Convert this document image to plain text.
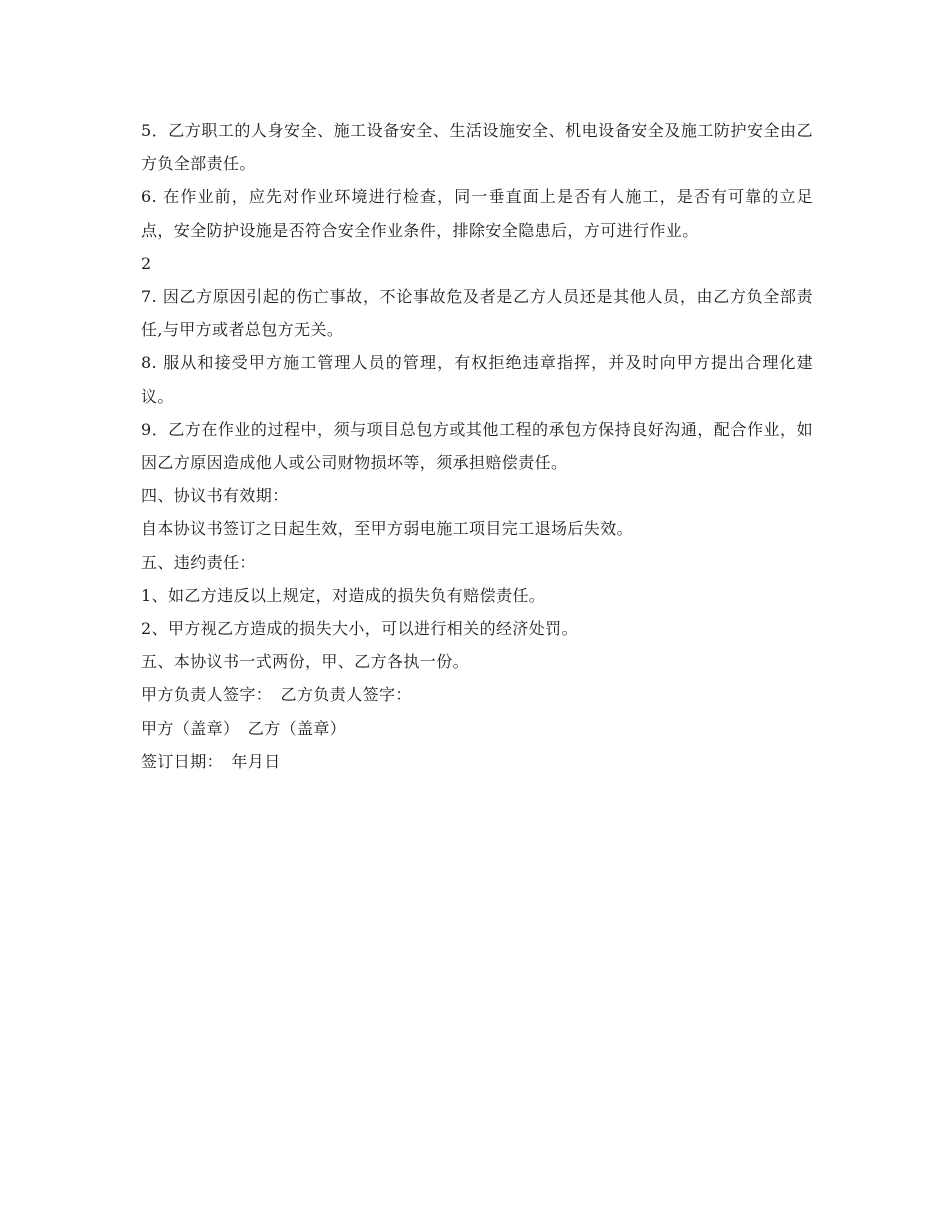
5．乙方职工的人身安全、施工设备安全、生活设施安全、机电设备安全及施工防护安全由乙方负全部责任。

6. 在作业前，应先对作业环境进行检查，同一垂直面上是否有人施工，是否有可靠的立足点，安全防护设施是否符合安全作业条件，排除安全隐患后，方可进行作业。

2

7. 因乙方原因引起的伤亡事故，不论事故危及者是乙方人员还是其他人员，由乙方负全部责任,与甲方或者总包方无关。

8. 服从和接受甲方施工管理人员的管理，有权拒绝违章指挥，并及时向甲方提出合理化建议。

9．乙方在作业的过程中，须与项目总包方或其他工程的承包方保持良好沟通，配合作业，如因乙方原因造成他人或公司财物损坏等，须承担赔偿责任。

四、协议书有效期：

自本协议书签订之日起生效，至甲方弱电施工项目完工退场后失效。

五、违约责任：

1、如乙方违反以上规定，对造成的损失负有赔偿责任。

2、甲方视乙方造成的损失大小，可以进行相关的经济处罚。

五、本协议书一式两份，甲、乙方各执一份。

甲方负责人签字：　乙方负责人签字：

甲方（盖章）　乙方（盖章）

签订日期：　年月日
